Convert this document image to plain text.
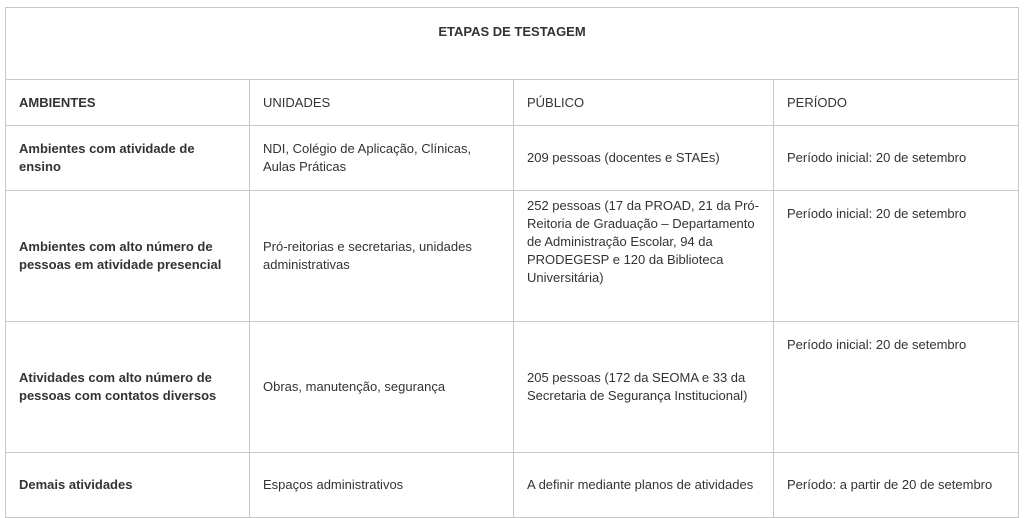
ETAPAS DE TESTAGEM			
AMBIENTES	UNIDADES	PÚBLICO	PERÍODO
Ambientes com atividade de ensino	NDI, Colégio de Aplicação, Clínicas, Aulas Práticas	209 pessoas (docentes e STAEs)	Período inicial: 20 de setembro
Ambientes com alto número de pessoas em atividade presencial	Pró-reitorias e secretarias, unidades administrativas	252 pessoas (17 da PROAD, 21 da Pró-Reitoria de Graduação – Departamento de Administração Escolar, 94 da PRODEGESP e 120 da Biblioteca Universitária)	Período inicial: 20 de setembro
Atividades com alto número de pessoas com contatos diversos	Obras, manutenção, segurança	205 pessoas (172 da SEOMA e 33 da Secretaria de Segurança Institucional)	Período inicial: 20 de setembro
Demais atividades	Espaços administrativos	A definir mediante planos de atividades	Período: a partir de 20 de setembro
